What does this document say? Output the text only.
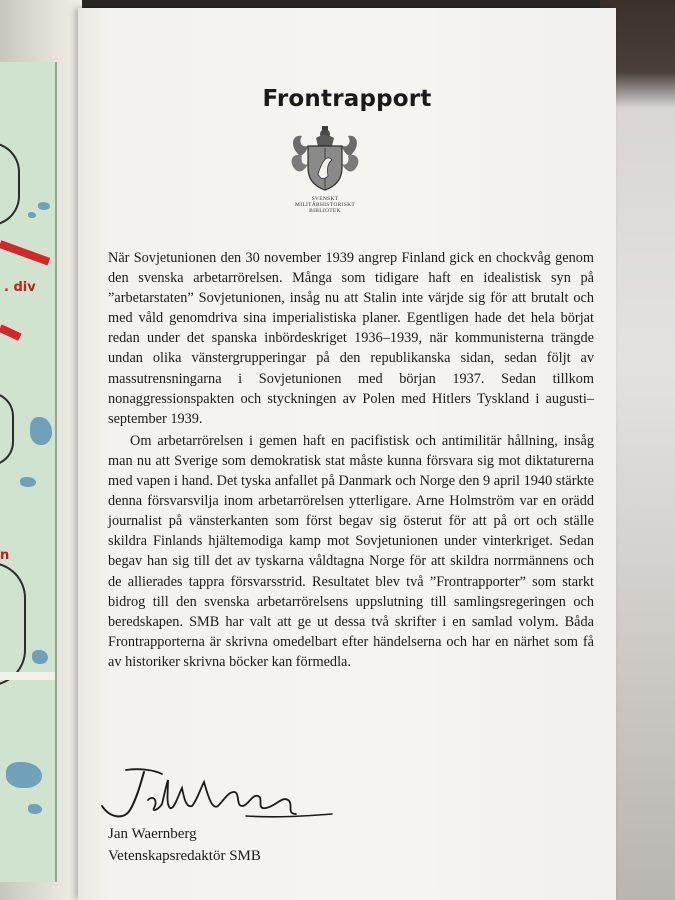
. div
n
Frontrapport
SVENSKT
MILITÄRHISTORISKT
BIBLIOTEK

När Sovjetunionen den 30 november 1939 angrep Finland gick en chockvåg genom den svenska arbetarrörelsen. Många som tidigare haft en idealistisk syn på ”arbetarstaten” Sovjetunionen, insåg nu att Stalin inte värjde sig för att brutalt och med våld genomdriva sina imperialistiska planer. Egentligen hade det hela börjat redan under det spanska inbördeskriget 1936–1939, när kommunisterna trängde undan olika vänstergrupperingar på den republikanska sidan, sedan följt av massutrensningarna i Sovjetunionen med början 1937. Sedan tillkom nonaggressionspakten och styckningen av Polen med Hitlers Tyskland i augusti–september 1939.

Om arbetarrörelsen i gemen haft en pacifistisk och antimilitär hållning, insåg man nu att Sverige som demokratisk stat måste kunna försvara sig mot diktaturerna med vapen i hand. Det tyska anfallet på Danmark och Norge den 9 april 1940 stärkte denna försvarsvilja inom arbetarrörelsen ytterligare. Arne Holmström var en orädd journalist på vänsterkanten som först begav sig österut för att på ort och ställe skildra Finlands hjältemodiga kamp mot Sovjetunionen under vinterkriget. Sedan begav han sig till det av tyskarna våldtagna Norge för att skildra norrmännens och de allierades tappra försvarsstrid. Resultatet blev två ”Frontrapporter” som starkt bidrog till den svenska arbetarrörelsens uppslutning till samlingsregeringen och beredskapen. SMB har valt att ge ut dessa två skrifter i en samlad volym. Båda Frontrapporterna är skrivna omedelbart efter händelserna och har en närhet som få av historiker skrivna böcker kan förmedla.

Jan Waernberg
Vetenskapsredaktör SMB
